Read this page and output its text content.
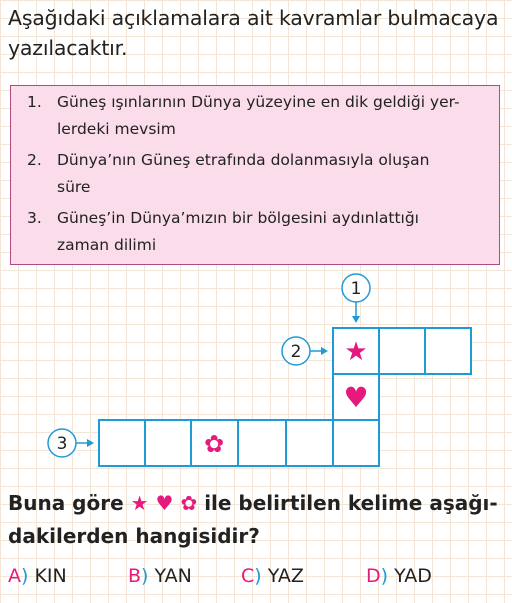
Aşağıdaki açıklamalara ait kavramlar bulmacaya
yazılacaktır.
1. Güneş ışınlarının Dünya yüzeyine en dik geldiği yer-
lerdeki mevsim
2. Dünya’nın Güneş etrafında dolanmasıyla oluşan
süre
3. Güneş’in Dünya’mızın bir bölgesini aydınlattığı
zaman dilimi
1
2
3
★
♥
✿
Buna göre ★ ♥ ✿ ile belirtilen kelime aşağı-
dakilerden hangisidir?
A) KIN	B) YAN	C) YAZ	D) YAD
